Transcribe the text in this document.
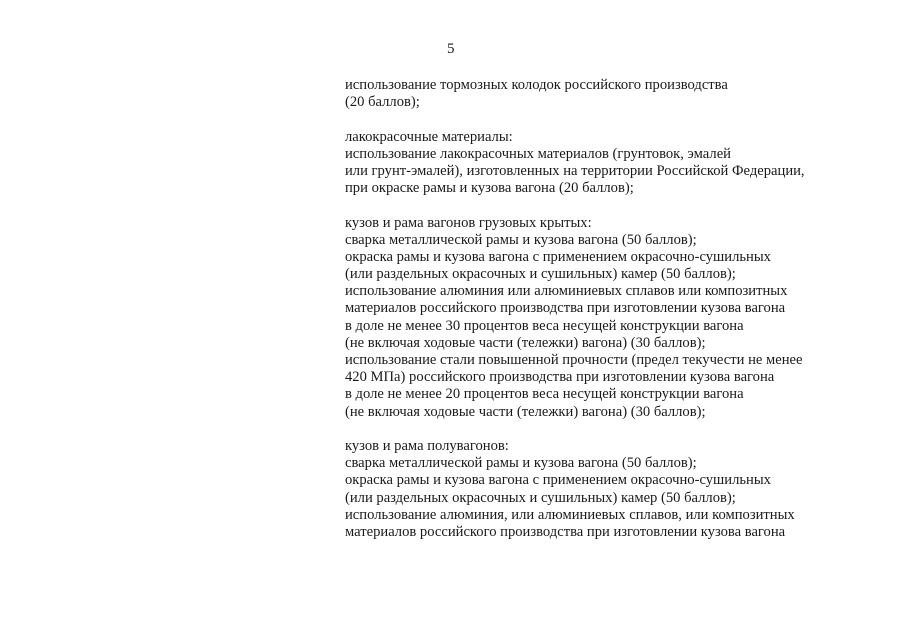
5
использование тормозных колодок российского производства
(20 баллов);
лакокрасочные материалы:
использование лакокрасочных материалов (грунтовок, эмалей
или грунт-эмалей), изготовленных на территории Российской Федерации,
при окраске рамы и кузова вагона (20 баллов);
кузов и рама вагонов грузовых крытых:
сварка металлической рамы и кузова вагона (50 баллов);
окраска рамы и кузова вагона с применением окрасочно-сушильных
(или раздельных окрасочных и сушильных) камер (50 баллов);
использование алюминия или алюминиевых сплавов или композитных
материалов российского производства при изготовлении кузова вагона
в доле не менее 30 процентов веса несущей конструкции вагона
(не включая ходовые части (тележки) вагона) (30 баллов);
использование стали повышенной прочности (предел текучести не менее
420 МПа) российского производства при изготовлении кузова вагона
в доле не менее 20 процентов веса несущей конструкции вагона
(не включая ходовые части (тележки) вагона) (30 баллов);
кузов и рама полувагонов:
сварка металлической рамы и кузова вагона (50 баллов);
окраска рамы и кузова вагона с применением окрасочно-сушильных
(или раздельных окрасочных и сушильных) камер (50 баллов);
использование алюминия, или алюминиевых сплавов, или композитных
материалов российского производства при изготовлении кузова вагона
